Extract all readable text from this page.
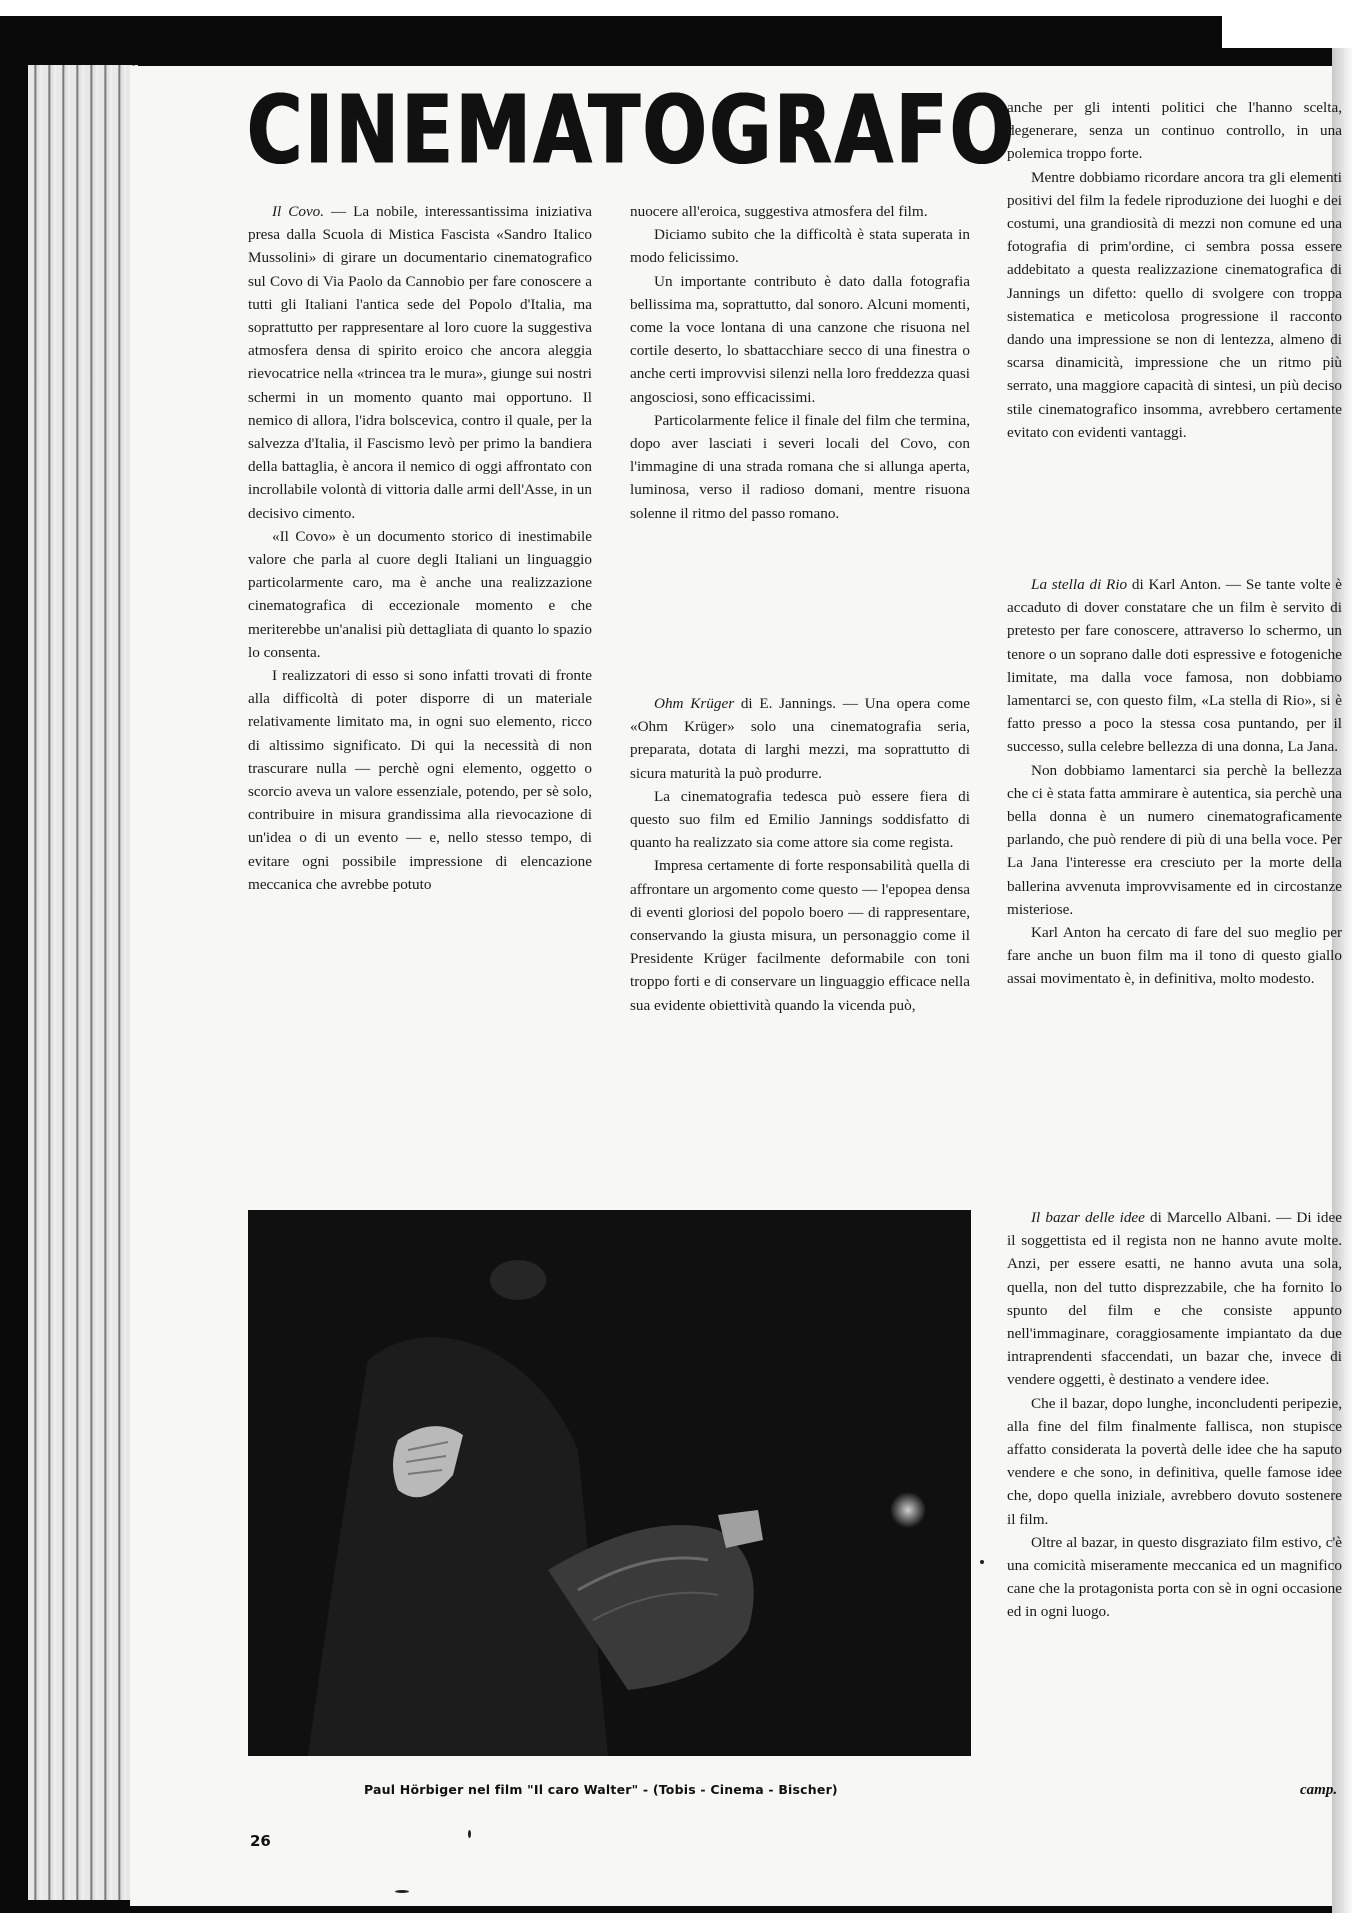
CINEMATOGRAFO

Il Covo. — La nobile, interessantissima iniziativa presa dalla Scuola di Mistica Fascista «Sandro Italico Mussolini» di girare un documentario cinematografico sul Covo di Via Paolo da Cannobio per fare conoscere a tutti gli Italiani l'antica sede del Popolo d'Italia, ma soprattutto per rappresentare al loro cuore la suggestiva atmosfera densa di spirito eroico che ancora aleggia rievocatrice nella «trincea tra le mura», giunge sui nostri schermi in un momento quanto mai opportuno. Il nemico di allora, l'idra bolscevica, contro il quale, per la salvezza d'Italia, il Fascismo levò per primo la bandiera della battaglia, è ancora il nemico di oggi affrontato con incrollabile volontà di vittoria dalle armi dell'Asse, in un decisivo cimento.

«Il Covo» è un documento storico di inestimabile valore che parla al cuore degli Italiani un linguaggio particolarmente caro, ma è anche una realizzazione cinematografica di eccezionale momento e che meriterebbe un'analisi più dettagliata di quanto lo spazio lo consenta.

I realizzatori di esso si sono infatti trovati di fronte alla difficoltà di poter disporre di un materiale relativamente limitato ma, in ogni suo elemento, ricco di altissimo significato. Di qui la necessità di non trascurare nulla — perchè ogni elemento, oggetto o scorcio aveva un valore essenziale, potendo, per sè solo, contribuire in misura grandissima alla rievocazione di un'idea o di un evento — e, nello stesso tempo, di evitare ogni possibile impressione di elencazione meccanica che avrebbe potuto

nuocere all'eroica, suggestiva atmosfera del film.

Diciamo subito che la difficoltà è stata superata in modo felicissimo.

Un importante contributo è dato dalla fotografia bellissima ma, soprattutto, dal sonoro. Alcuni momenti, come la voce lontana di una canzone che risuona nel cortile deserto, lo sbattacchiare secco di una finestra o anche certi improvvisi silenzi nella loro freddezza quasi angosciosi, sono efficacissimi.

Particolarmente felice il finale del film che termina, dopo aver lasciati i severi locali del Covo, con l'immagine di una strada romana che si allunga aperta, luminosa, verso il radioso domani, mentre risuona solenne il ritmo del passo romano.

Ohm Krüger di E. Jannings. — Una opera come «Ohm Krüger» solo una cinematografia seria, preparata, dotata di larghi mezzi, ma soprattutto di sicura maturità la può produrre.

La cinematografia tedesca può essere fiera di questo suo film ed Emilio Jannings soddisfatto di quanto ha realizzato sia come attore sia come regista.

Impresa certamente di forte responsabilità quella di affrontare un argomento come questo — l'epopea densa di eventi gloriosi del popolo boero — di rappresentare, conservando la giusta misura, un personaggio come il Presidente Krüger facilmente deformabile con toni troppo forti e di conservare un linguaggio efficace nella sua evidente obiettività quando la vicenda può,

anche per gli intenti politici che l'hanno scelta, degenerare, senza un continuo controllo, in una polemica troppo forte.

Mentre dobbiamo ricordare ancora tra gli elementi positivi del film la fedele riproduzione dei luoghi e dei costumi, una grandiosità di mezzi non comune ed una fotografia di prim'ordine, ci sembra possa essere addebitato a questa realizzazione cinematografica di Jannings un difetto: quello di svolgere con troppa sistematica e meticolosa progressione il racconto dando una impressione se non di lentezza, almeno di scarsa dinamicità, impressione che un ritmo più serrato, una maggiore capacità di sintesi, un più deciso stile cinematografico insomma, avrebbero certamente evitato con evidenti vantaggi.

La stella di Rio di Karl Anton. — Se tante volte è accaduto di dover constatare che un film è servito di pretesto per fare conoscere, attraverso lo schermo, un tenore o un soprano dalle doti espressive e fotogeniche limitate, ma dalla voce famosa, non dobbiamo lamentarci se, con questo film, «La stella di Rio», si è fatto presso a poco la stessa cosa puntando, per il successo, sulla celebre bellezza di una donna, La Jana.

Non dobbiamo lamentarci sia perchè la bellezza che ci è stata fatta ammirare è autentica, sia perchè una bella donna è un numero cinematograficamente parlando, che può rendere di più di una bella voce. Per La Jana l'interesse era cresciuto per la morte della ballerina avvenuta improvvisamente ed in circostanze misteriose.

Karl Anton ha cercato di fare del suo meglio per fare anche un buon film ma il tono di questo giallo assai movimentato è, in definitiva, molto modesto.

Il bazar delle idee di Marcello Albani. — Di idee il soggettista ed il regista non ne hanno avute molte. Anzi, per essere esatti, ne hanno avuta una sola, quella, non del tutto disprezzabile, che ha fornito lo spunto del film e che consiste appunto nell'immaginare, coraggiosamente impiantato da due intraprendenti sfaccendati, un bazar che, invece di vendere oggetti, è destinato a vendere idee.

Che il bazar, dopo lunghe, inconcludenti peripezie, alla fine del film finalmente fallisca, non stupisce affatto considerata la povertà delle idee che ha saputo vendere e che sono, in definitiva, quelle famose idee che, dopo quella iniziale, avrebbero dovuto sostenere il film.

Oltre al bazar, in questo disgraziato film estivo, c'è una comicità miseramente meccanica ed un magnifico cane che la protagonista porta con sè in ogni occasione ed in ogni luogo.

Paul Hörbiger nel film "Il caro Walter" - (Tobis - Cinema - Bischer)
26
camp.
